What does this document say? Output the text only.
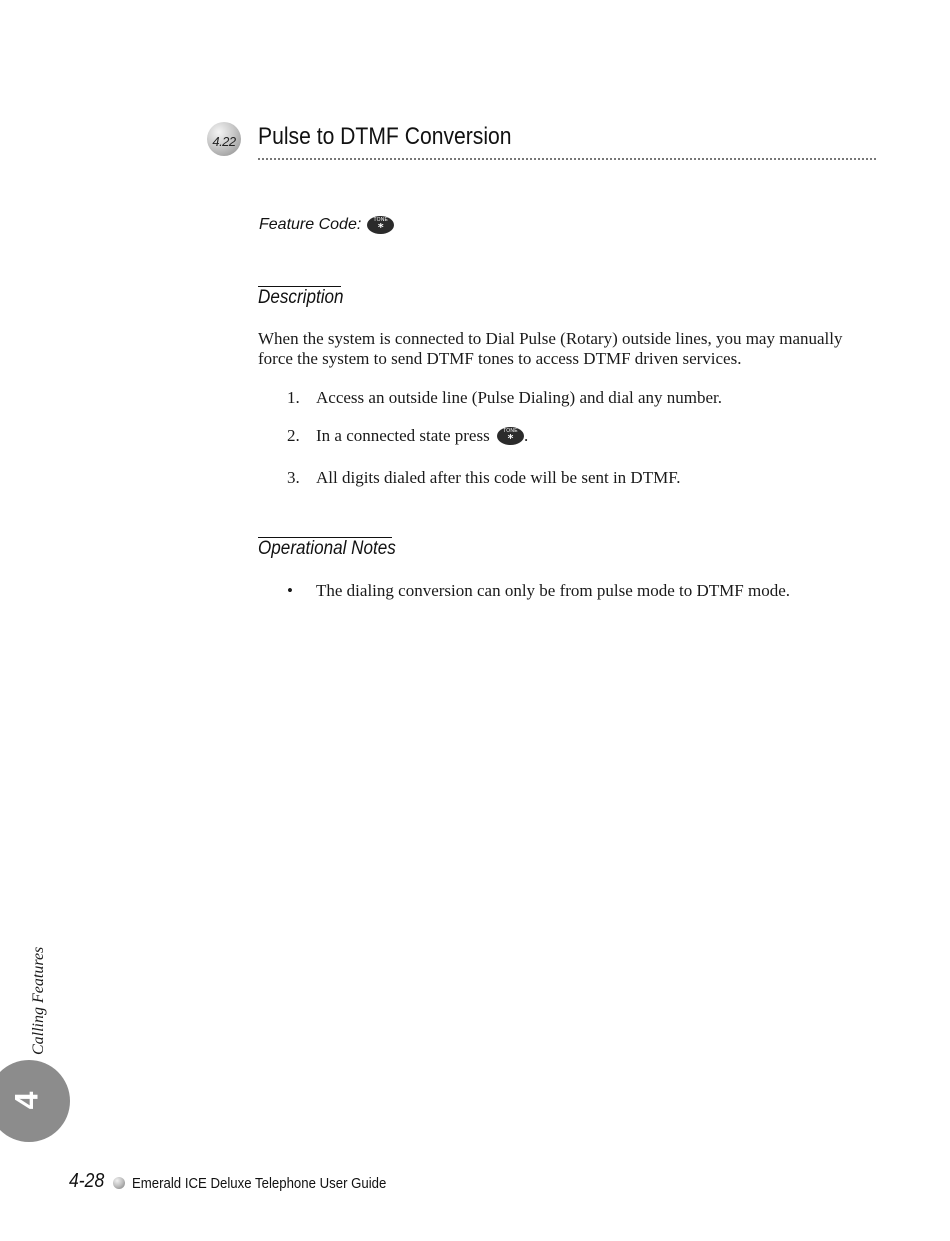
4.22 Pulse to DTMF Conversion
Feature Code: TONE
*
Description
When the system is connected to Dial Pulse (Rotary) outside lines, you may manually force the system to send DTMF tones to access DTMF driven services.
1. Access an outside line (Pulse Dialing) and dial any number.
2. In a connected state press	TONE
* .
3. All digits dialed after this code will be sent in DTMF.
Operational Notes
• The dialing conversion can only be from pulse mode to DTMF mode.
Calling Features
4
4-28 Emerald ICE Deluxe Telephone User Guide
